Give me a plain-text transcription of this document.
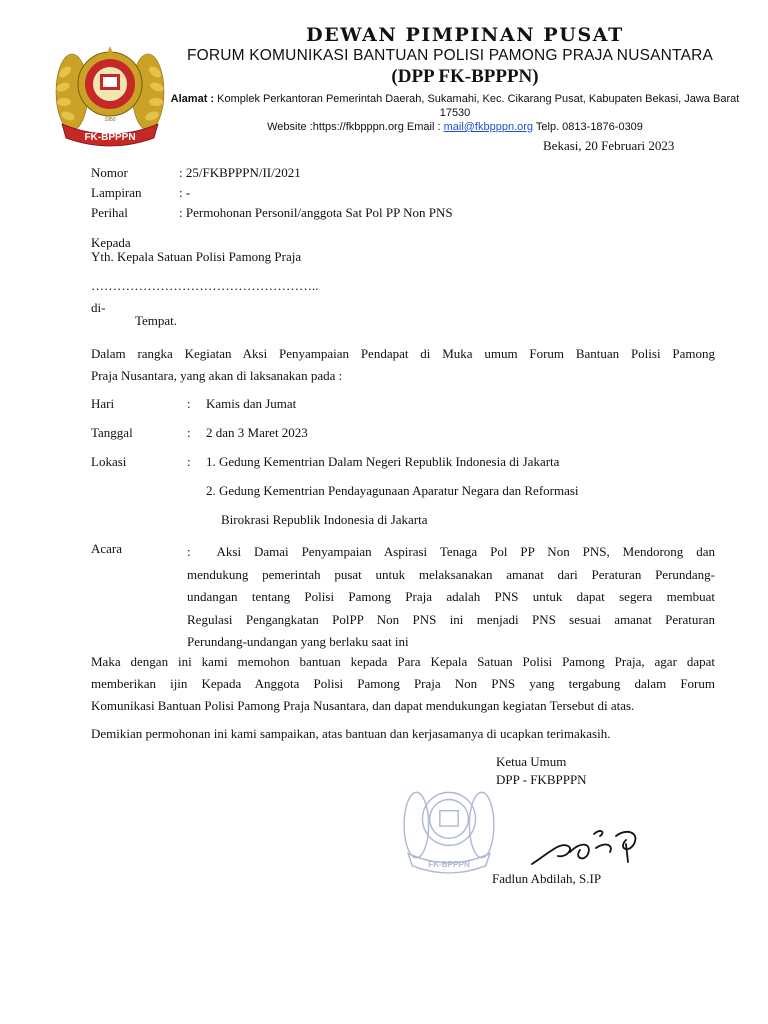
FK-BPPPN
1950
DEWAN PIMPINAN PUSAT
FORUM KOMUNIKASI BANTUAN POLISI PAMONG PRAJA NUSANTARA
(DPP FK-BPPPN)
Alamat : Komplek Perkantoran Pemerintah Daerah, Sukamahi, Kec. Cikarang Pusat, Kabupaten Bekasi, Jawa Barat 17530
Website :https://fkbpppn.org Email : mail@fkbpppn.org Telp. 0813-1876-0309
Bekasi, 20 Februari 2023
Nomor	: 25/FKBPPPN/II/2021
Lampiran	: -
Perihal	: Permohonan Personil/anggota Sat Pol PP Non PNS
Kepada
Yth. Kepala Satuan Polisi Pamong Praja
……………………………………………..
di-
Tempat.
Dalam rangka Kegiatan Aksi Penyampaian Pendapat di Muka umum Forum Bantuan Polisi Pamong
Praja Nusantara, yang akan di laksanakan pada :
Hari	: Kamis dan Jumat
Tanggal	: 2 dan 3 Maret 2023
Lokasi	: 1. Gedung Kementrian Dalam Negeri Republik Indonesia di Jakarta
2. Gedung Kementrian Pendayagunaan Aparatur Negara dan Reformasi
Birokrasi Republik Indonesia di Jakarta
Acara	: Aksi Damai Penyampaian Aspirasi Tenaga Pol PP Non PNS, Mendorong dan
mendukung pemerintah pusat untuk melaksanakan amanat dari Peraturan Perundang-
undangan tentang Polisi Pamong Praja adalah PNS untuk dapat segera membuat
Regulasi Pengangkatan PolPP Non PNS ini menjadi PNS sesuai amanat Peraturan
Perundang-undangan yang berlaku saat ini
Maka dengan ini kami memohon bantuan kepada Para Kepala Satuan Polisi Pamong Praja, agar dapat
memberikan ijin Kepada Anggota Polisi Pamong Praja Non PNS yang tergabung dalam Forum
Komunikasi Bantuan Polisi Pamong Praja Nusantara, dan dapat mendukungan kegiatan Tersebut di atas.
Demikian permohonan ini kami sampaikan, atas bantuan dan kerjasamanya di ucapkan terimakasih.
Ketua Umum
DPP - FKBPPPN
FK-BPPPN
Fadlun Abdilah, S.IP
